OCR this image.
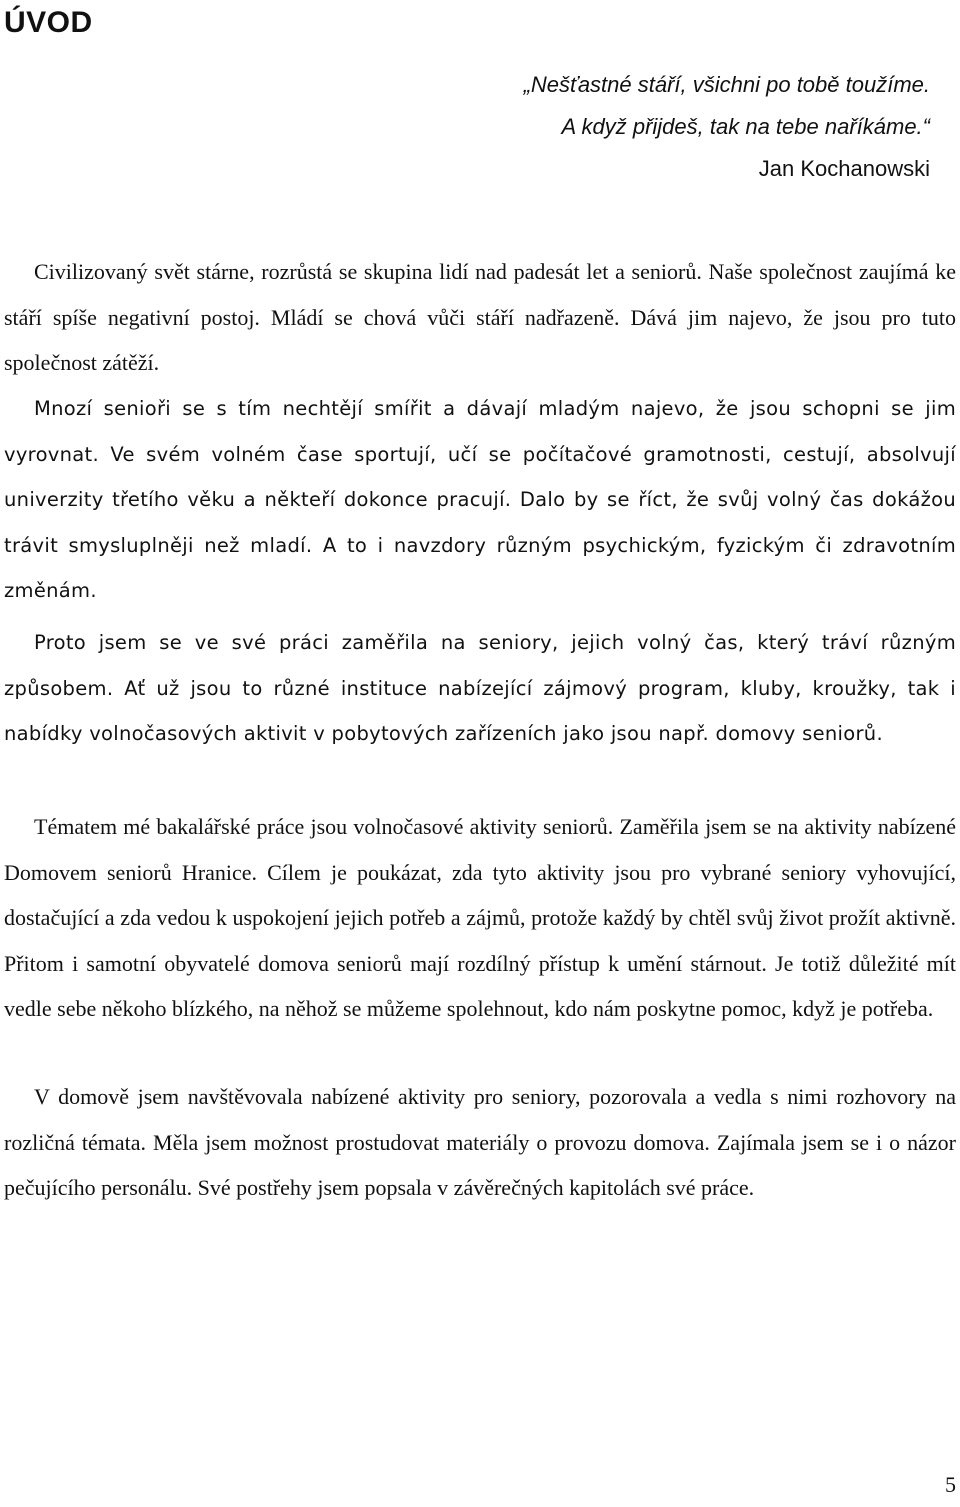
ÚVOD
„Nešťastné stáří, všichni po tobě toužíme.
A když přijdeš, tak na tebe naříkáme.“
Jan Kochanowski

Civilizovaný svět stárne, rozrůstá se skupina lidí nad padesát let a seniorů. Naše společnost zaujímá ke stáří spíše negativní postoj. Mládí se chová vůči stáří nadřazeně. Dává jim najevo, že jsou pro tuto společnost zátěží.

Mnozí senioři se s tím nechtějí smířit a dávají mladým najevo, že jsou schopni se jim vyrovnat. Ve svém volném čase sportují, učí se počítačové gramotnosti, cestují, absolvují univerzity třetího věku a někteří dokonce pracují. Dalo by se říct, že svůj volný čas dokážou trávit smysluplněji než mladí. A to i navzdory různým psychickým, fyzickým či zdravotním změnám.

Proto jsem se ve své práci zaměřila na seniory, jejich volný čas, který tráví různým způsobem. Ať už jsou to různé instituce nabízející zájmový program, kluby, kroužky, tak i nabídky volnočasových aktivit v pobytových zařízeních jako jsou např. domovy seniorů.

Tématem mé bakalářské práce jsou volnočasové aktivity seniorů. Zaměřila jsem se na aktivity nabízené Domovem seniorů Hranice. Cílem je poukázat, zda tyto aktivity jsou pro vybrané seniory vyhovující, dostačující a zda vedou k uspokojení jejich potřeb a zájmů, protože každý by chtěl svůj život prožít aktivně. Přitom i samotní obyvatelé domova seniorů mají rozdílný přístup k umění stárnout. Je totiž důležité mít vedle sebe někoho blízkého, na něhož se můžeme spolehnout, kdo nám poskytne pomoc, když je potřeba.

V domově jsem navštěvovala nabízené aktivity pro seniory, pozorovala a vedla s nimi rozhovory na rozličná témata. Měla jsem možnost prostudovat materiály o provozu domova. Zajímala jsem se i o názor pečujícího personálu. Své postřehy jsem popsala v závěrečných kapitolách své práce.

5
